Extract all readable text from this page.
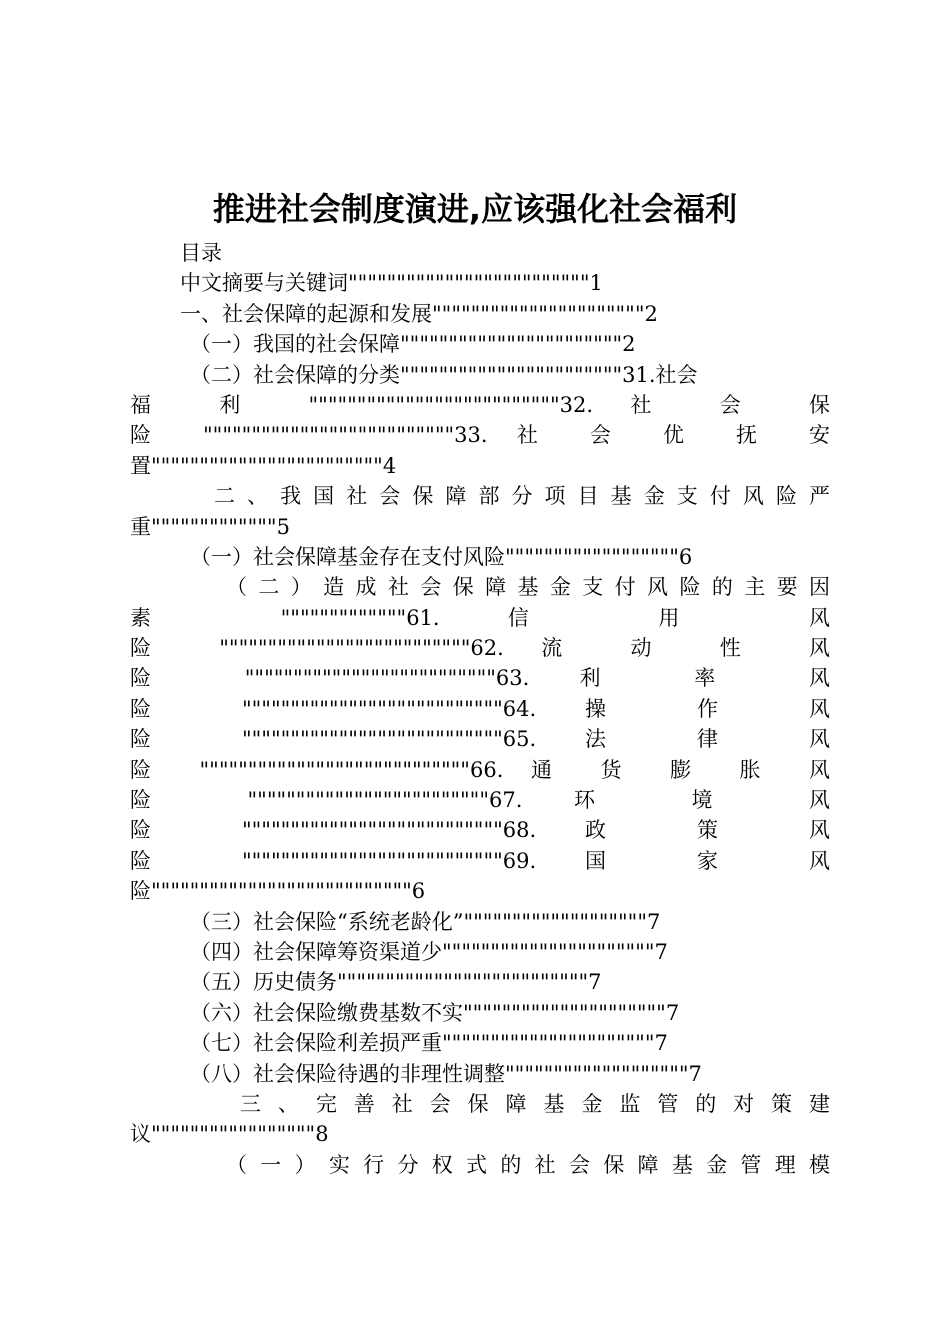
推进社会制度演进,应该强化社会福利
目录
中文摘要与关键词"""""""""""""""""""""""""1
一、社会保障的起源和发展""""""""""""""""""""""2
（一）我国的社会保障"""""""""""""""""""""""2
（二）社会保障的分类"""""""""""""""""""""""31.社会
福 利 """"""""""""""""""""""""""32. 社 会 保
险 """"""""""""""""""""""""""33. 社 会 优 抚 安
置""""""""""""""""""""""""4
二 、 我 国 社 会 保 障 部 分 项 目 基 金 支 付 风 险 严
重"""""""""""""5
（一）社会保障基金存在支付风险""""""""""""""""""6
（ 二 ） 造 成 社 会 保 障 基 金 支 付 风 险 的 主 要 因
素 """""""""""""61. 信 用 风
险 """"""""""""""""""""""""""62. 流 动 性 风
险 """"""""""""""""""""""""""63. 利 率 风
险 """""""""""""""""""""""""""64. 操 作 风
险 """""""""""""""""""""""""""65. 法 律 风
险 """"""""""""""""""""""""""""66. 通 货 膨 胀 风
险 """""""""""""""""""""""""67. 环 境 风
险 """""""""""""""""""""""""""68. 政 策 风
险 """""""""""""""""""""""""""69. 国 家 风
险"""""""""""""""""""""""""""6
（三）社会保险“系统老龄化”"""""""""""""""""""7
（四）社会保障筹资渠道少""""""""""""""""""""""7
（五）历史债务""""""""""""""""""""""""""7
（六）社会保险缴费基数不实"""""""""""""""""""""7
（七）社会保险利差损严重""""""""""""""""""""""7
（八）社会保险待遇的非理性调整"""""""""""""""""""7
三 、 完 善 社 会 保 障 基 金 监 管 的 对 策 建
议"""""""""""""""""8
（ 一 ） 实 行 分 权 式 的 社 会 保 障 基 金 管 理 模
